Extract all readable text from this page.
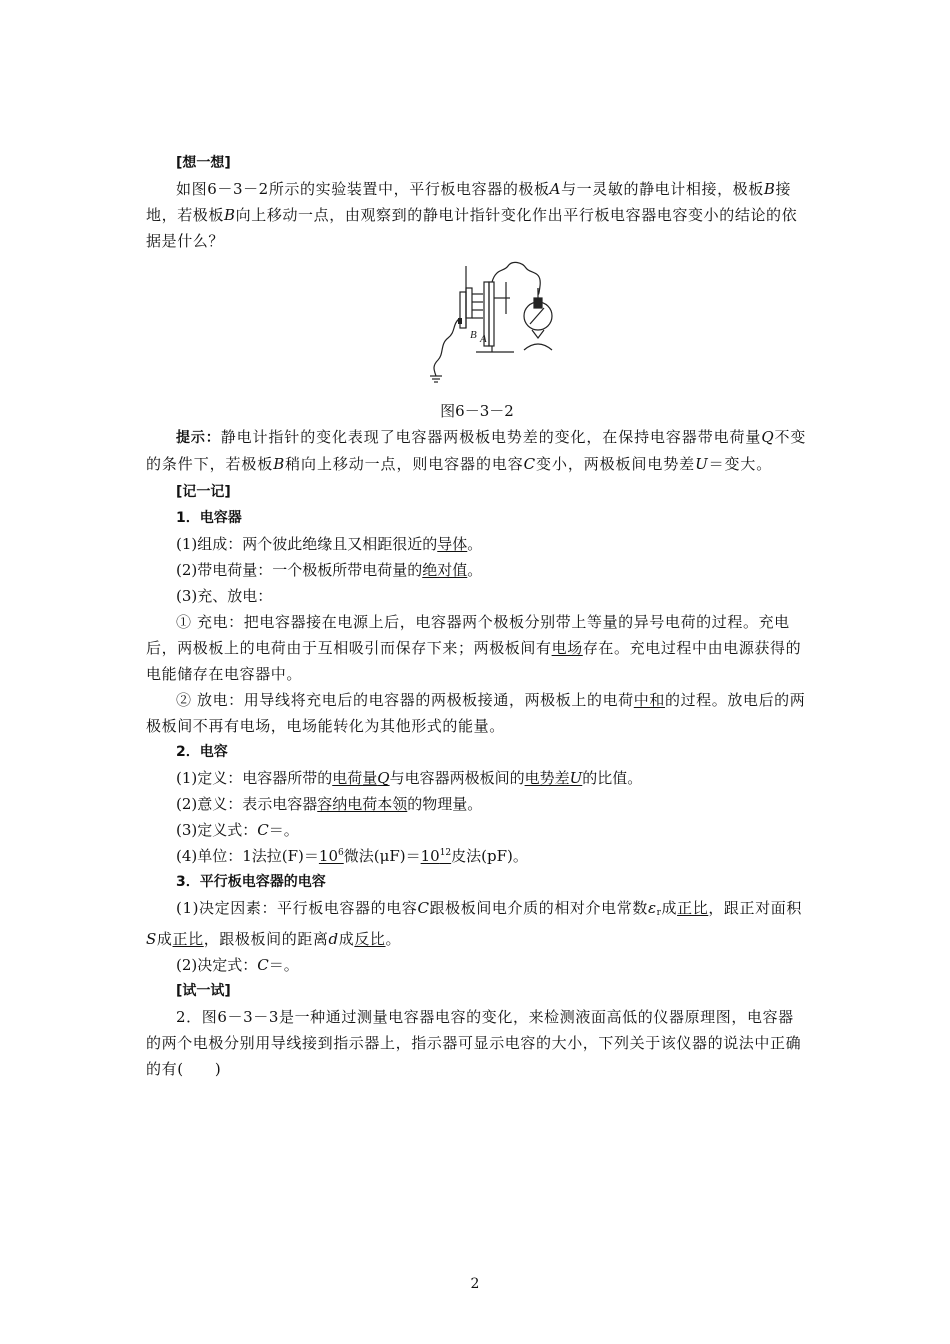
[想一想]

如图6－3－2所示的实验装置中，平行板电容器的极板A与一灵敏的静电计相接，极板B接地，若极板B向上移动一点，由观察到的静电计指针变化作出平行板电容器电容变小的结论的依据是什么？

B A

图6－3－2

提示：静电计指针的变化表现了电容器两极板电势差的变化，在保持电容器带电荷量Q不变的条件下，若极板B稍向上移动一点，则电容器的电容C变小，两极板间电势差U＝变大。

[记一记]

1．电容器

(1)组成：两个彼此绝缘且又相距很近的导体。

(2)带电荷量：一个极板所带电荷量的绝对值。

(3)充、放电：

① 充电：把电容器接在电源上后，电容器两个极板分别带上等量的异号电荷的过程。充电后，两极板上的电荷由于互相吸引而保存下来；两极板间有电场存在。充电过程中由电源获得的电能储存在电容器中。

② 放电：用导线将充电后的电容器的两极板接通，两极板上的电荷中和的过程。放电后的两极板间不再有电场，电场能转化为其他形式的能量。

2．电容

(1)定义：电容器所带的电荷量Q与电容器两极板间的电势差U的比值。

(2)意义：表示电容器容纳电荷本领的物理量。

(3)定义式：C＝。

(4)单位：1法拉$(F)=10^6$微法$(\mu F)=10^{12}$皮法(pF)。

3．平行板电容器的电容

(1)决定因素：平行板电容器的电容C跟极板间电介质的相对介电常数$\varepsilon_r$成正比，跟正对面积S成正比，跟极板间的距离d成反比。

(2)决定式：C＝。

[试一试]

2．图6－3－3是一种通过测量电容器电容的变化，来检测液面高低的仪器原理图，电容器的两个电极分别用导线接到指示器上，指示器可显示电容的大小，下列关于该仪器的说法中正确的有(　　)

2
